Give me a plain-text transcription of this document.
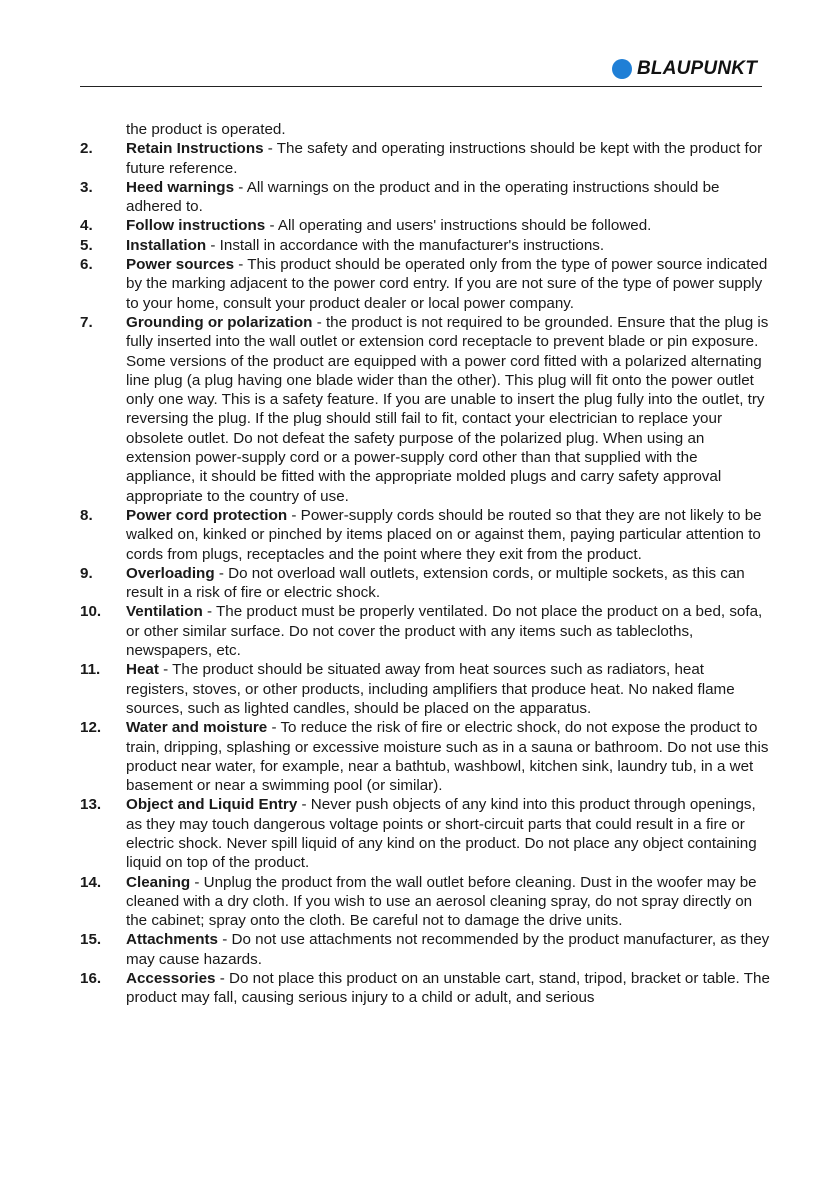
BLAUPUNKT
the product is operated.
2.	Retain Instructions - The safety and operating instructions should be kept with the product for future reference.
3.	Heed warnings - All warnings on the product and in the operating instructions should be adhered to.
4.	Follow instructions - All operating and users' instructions should be followed.
5.	Installation - Install in accordance with the manufacturer's instructions.
6.	Power sources - This product should be operated only from the type of power source indicated by the marking adjacent to the power cord entry. If you are not sure of the type of power supply to your home, consult your product dealer or local power company.
7.	Grounding or polarization - the product is not required to be grounded. Ensure that the plug is fully inserted into the wall outlet or extension cord receptacle to prevent blade or pin exposure. Some versions of the product are equipped with a power cord fitted with a polarized alternating line plug (a plug having one blade wider than the other). This plug will fit onto the power outlet only one way. This is a safety feature. If you are unable to insert the plug fully into the outlet, try reversing the plug. If the plug should still fail to fit, contact your electrician to replace your obsolete outlet. Do not defeat the safety purpose of the polarized plug. When using an extension power-supply cord or a power-supply cord other than that supplied with the appliance, it should be fitted with the appropriate molded plugs and carry safety approval appropriate to the country of use.
8.	Power cord protection - Power-supply cords should be routed so that they are not likely to be walked on, kinked or pinched by items placed on or against them, paying particular attention to cords from plugs, receptacles and the point where they exit from the product.
9.	Overloading - Do not overload wall outlets, extension cords, or multiple sockets, as this can result in a risk of fire or electric shock.
10.	Ventilation - The product must be properly ventilated. Do not place the product on a bed, sofa, or other similar surface. Do not cover the product with any items such as tablecloths, newspapers, etc.
11.	Heat - The product should be situated away from heat sources such as radiators, heat registers, stoves, or other products, including amplifiers that produce heat. No naked flame sources, such as lighted candles, should be placed on the apparatus.
12.	Water and moisture - To reduce the risk of fire or electric shock, do not expose the product to train, dripping, splashing or excessive moisture such as in a sauna or bathroom. Do not use this product near water, for example, near a bathtub, washbowl, kitchen sink, laundry tub, in a wet basement or near a swimming pool (or similar).
13.	Object and Liquid Entry - Never push objects of any kind into this product through openings, as they may touch dangerous voltage points or short-circuit parts that could result in a fire or electric shock. Never spill liquid of any kind on the product. Do not place any object containing liquid on top of the product.
14.	Cleaning - Unplug the product from the wall outlet before cleaning. Dust in the woofer may be cleaned with a dry cloth. If you wish to use an aerosol cleaning spray, do not spray directly on the cabinet; spray onto the cloth. Be careful not to damage the drive units.
15.	Attachments - Do not use attachments not recommended by the product manufacturer, as they may cause hazards.
16.	Accessories - Do not place this product on an unstable cart, stand, tripod, bracket or table. The product may fall, causing serious injury to a child or adult, and serious
